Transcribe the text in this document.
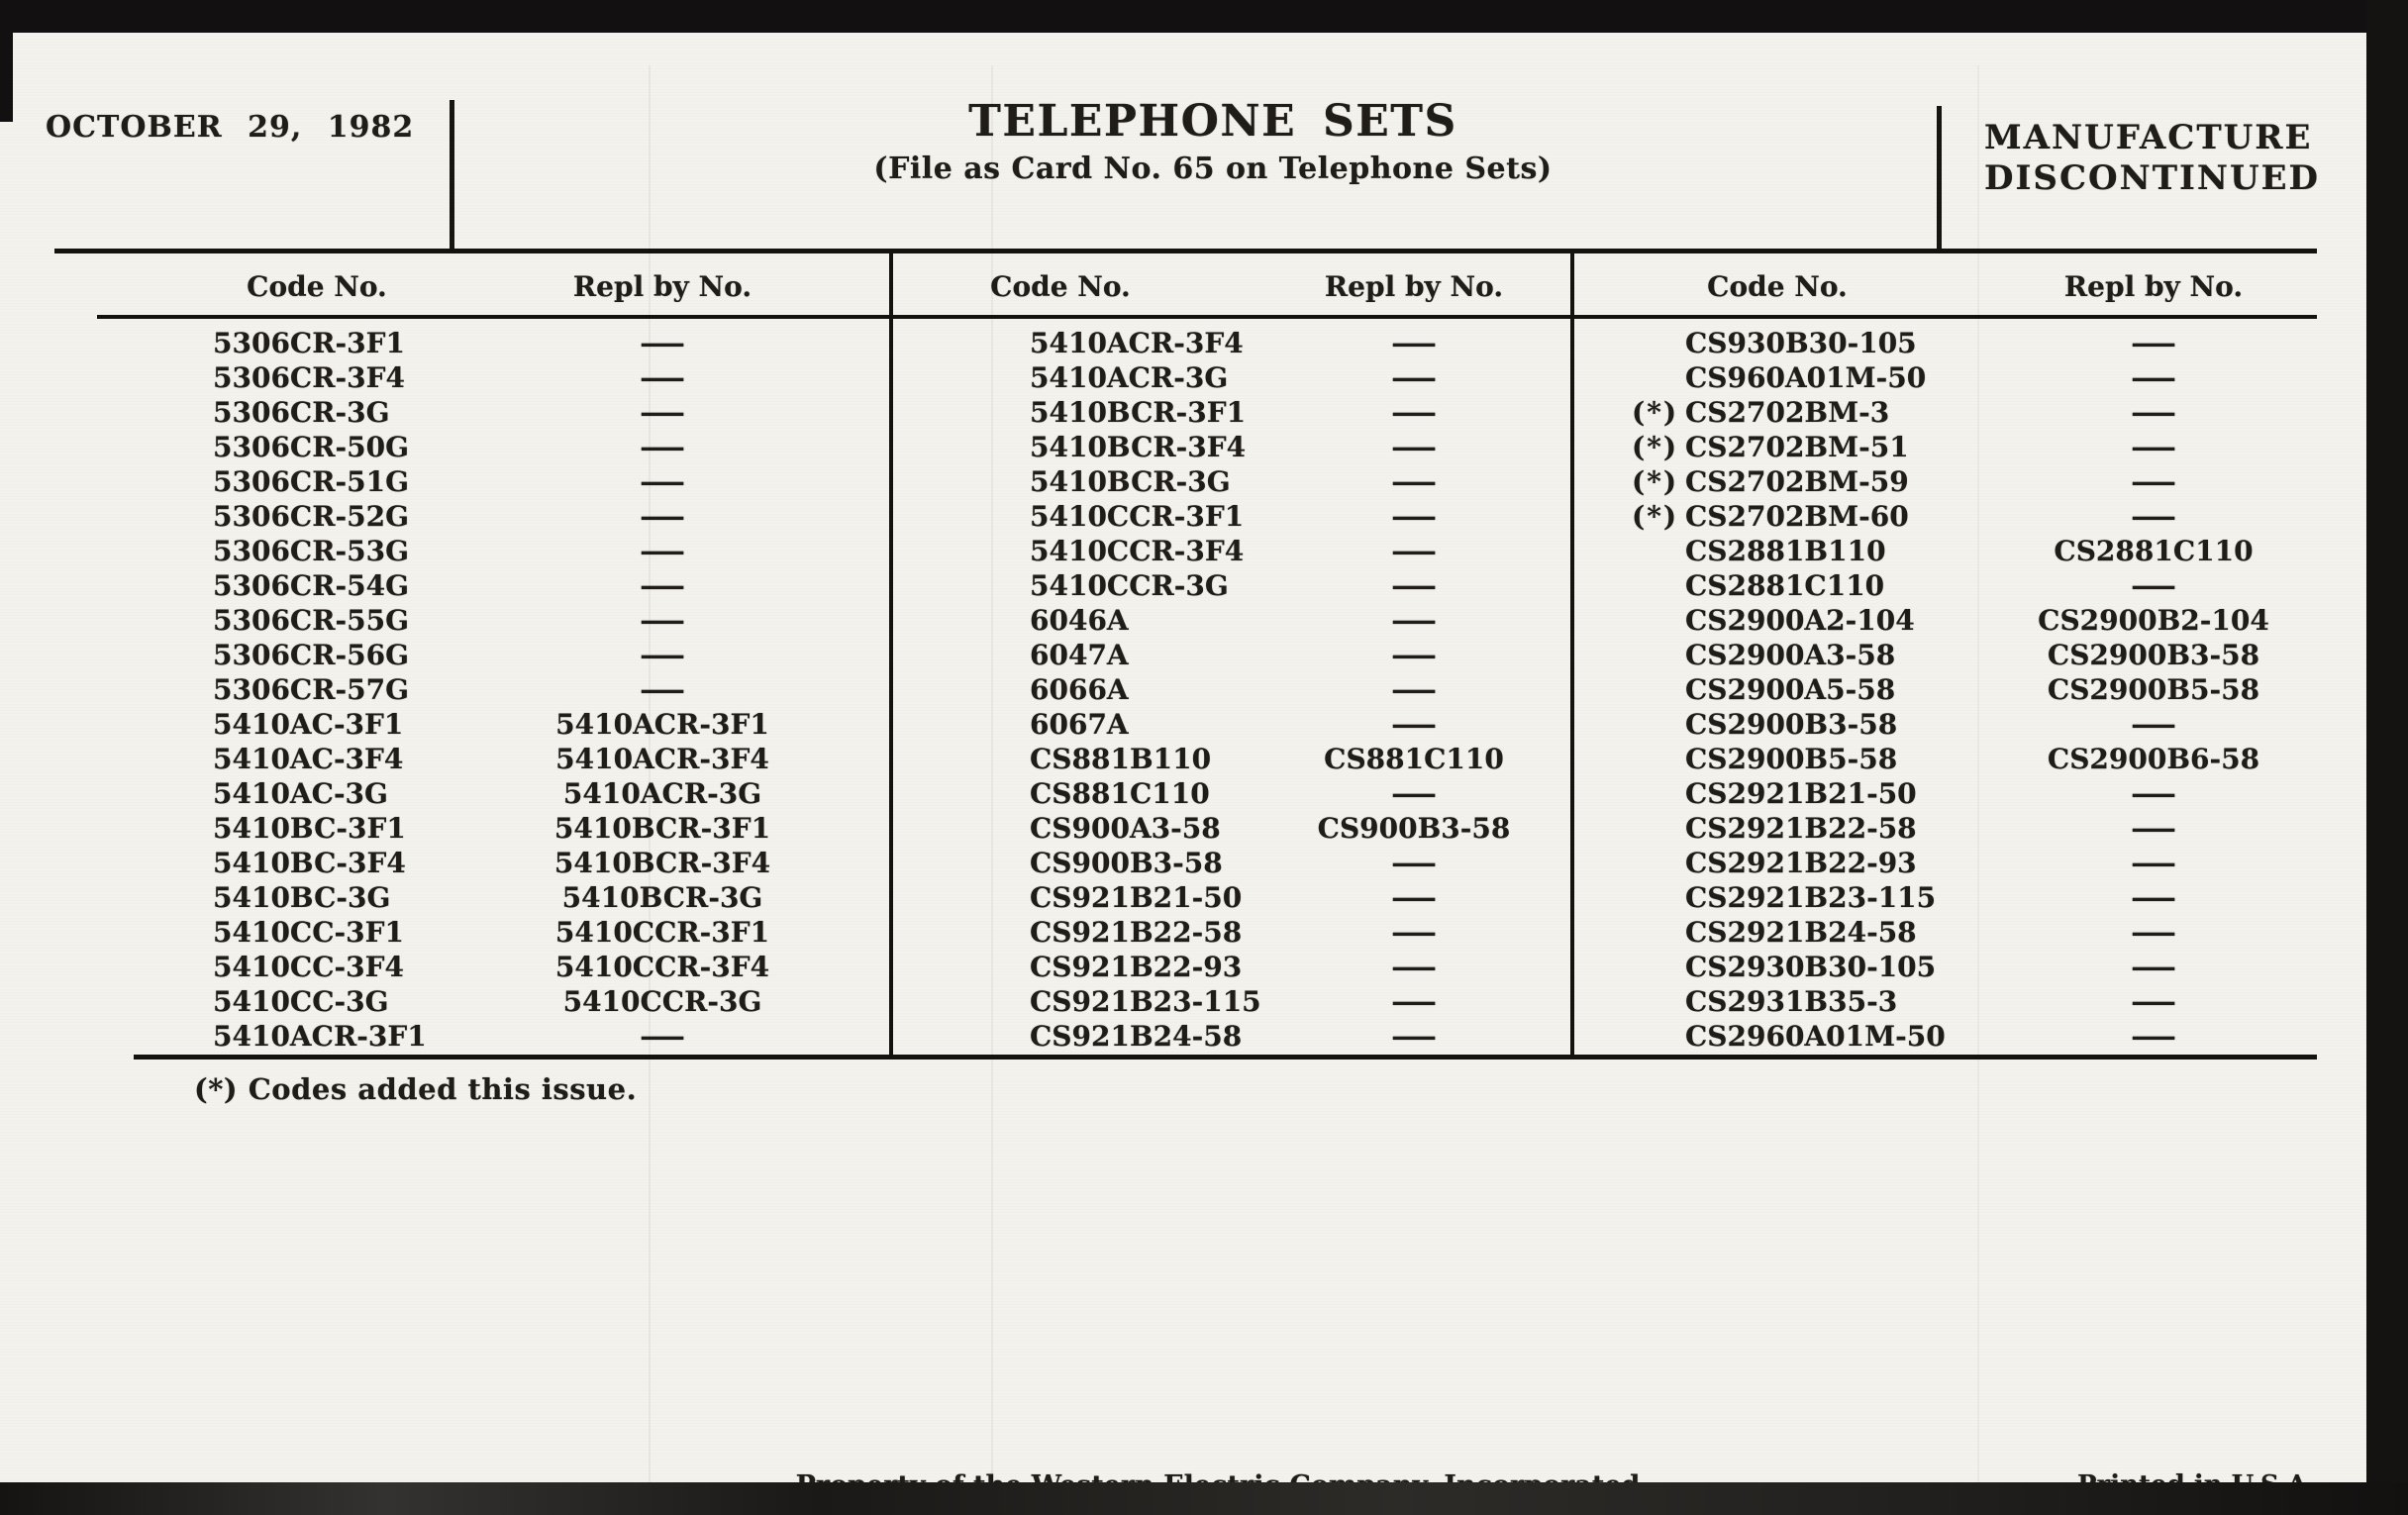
OCTOBER 29, 1982	TELEPHONE SETS
(File as Card No. 65 on Telephone Sets)
MANUFACTURE
DISCONTINUED
Code No.	Repl by No.
5306CR-3F1	—
5306CR-3F4	—
5306CR-3G	—
5306CR-50G	—
5306CR-51G	—
5306CR-52G	—
5306CR-53G	—
5306CR-54G	—
5306CR-55G	—
5306CR-56G	—
5306CR-57G	—
5410AC-3F1	5410ACR-3F1
5410AC-3F4	5410ACR-3F4
5410AC-3G	5410ACR-3G
5410BC-3F1	5410BCR-3F1
5410BC-3F4	5410BCR-3F4
5410BC-3G	5410BCR-3G
5410CC-3F1	5410CCR-3F1
5410CC-3F4	5410CCR-3F4
5410CC-3G	5410CCR-3G
5410ACR-3F1	—
Code No.	Repl by No.
5410ACR-3F4	—
5410ACR-3G	—
5410BCR-3F1	—
5410BCR-3F4	—
5410BCR-3G	—
5410CCR-3F1	—
5410CCR-3F4	—
5410CCR-3G	—
6046A	—
6047A	—
6066A	—
6067A	—
CS881B110	CS881C110
CS881C110	—
CS900A3-58	CS900B3-58
CS900B3-58	—
CS921B21-50	—
CS921B22-58	—
CS921B22-93	—
CS921B23-115	—
CS921B24-58	—
Code No.	Repl by No.
CS930B30-105	—
CS960A01M-50	—
(*) CS2702BM-3	—
(*) CS2702BM-51	—
(*) CS2702BM-59	—
(*) CS2702BM-60	—
CS2881B110	CS2881C110
CS2881C110	—
CS2900A2-104	CS2900B2-104
CS2900A3-58	CS2900B3-58
CS2900A5-58	CS2900B5-58
CS2900B3-58	—
CS2900B5-58	CS2900B6-58
CS2921B21-50	—
CS2921B22-58	—
CS2921B22-93	—
CS2921B23-115	—
CS2921B24-58	—
CS2930B30-105	—
CS2931B35-3	—
CS2960A01M-50	—
(*) Codes added this issue.
